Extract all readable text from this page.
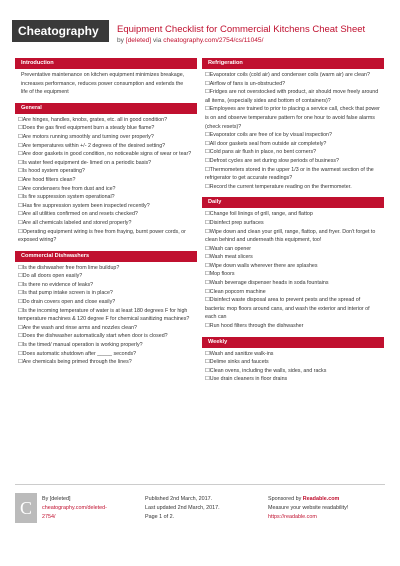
Cheatography	Equipment Checklist for Commercial Kitchens Cheat Sheet
by [deleted] via cheatography.com/2754/cs/11045/
Introduction
Preventative maintenance on kitchen equipment minimizes breakage, increases performance, reduces power consumption and extends the life of the equipment
General
☐Are hinges, handles, knobs, grates, etc. all in good condition?
☐Does the gas fired equipment burn a steady blue flame?
☐Are motors running smoothly and turning over properly?
☐Are temperatures within +/- 2 degrees of the desired setting?
☐Are door gaskets in good condition, no noticeable signs of wear or tear?
☐Is water feed equipment de- limed on a periodic basis?
☐Is hood system operating?
☐Are hood filters clean?
☐Are condensers free from dust and ice?
☐Is fire suppression system operational?
☐Has fire suppression system been inspected recently?
☐Are all utilities confirmed on and resets checked?
☐Are all chemicals labeled and stored properly?
☐Operating equipment wiring is free from fraying, burnt power cords, or exposed wiring?
Commercial Dishwashers
☐Is the dishwasher free from lime buildup?
☐Do all doors open easily?
☐Is there no evidence of leaks?
☐Is that pump intake screen is in place?
☐Do drain covers open and close easily?
☐Is the incoming temperature of water is at least 180 degrees F for high temperature machines & 120 degree F for chemical sanitizing machines?
☐Are the wash and rinse arms and nozzles clean?
☐Does the dishwasher automatically start when door is closed?
☐Is the timed/ manual operation is working properly?
☐Does automatic shutdown after _____ seconds?
☐Are chemicals being primed through the lines?
Refrigeration
☐Evaporator coils (cold air) and condenser coils (warm air) are clean?
☐Airflow of fans is un-obstructed?
☐Fridges are not overstocked with product, air should move freely around all items, (especially sides and bottom of containers)?
☐Employees are trained to prior to placing a service call, check that power is on and observe temperature pattern for one hour to avoid false alarms (check resets)?
☐Evaporator coils are free of ice by visual inspection?
☐All door gaskets seal from outside air completely?
☐Cold pans air flush in place, no bent corners?
☐Defrost cycles are set during slow periods of business?
☐Thermometers stored in the upper 1/3 or in the warmest section of the refrigerator to get accurate readings?
☐Record the current temperature reading on the thermometer.
Daily
☐Change foil linings of grill, range, and flattop
☐Disinfect prep surfaces
☐Wipe down and clean your grill, range, flattop, and fryer. Don't forget to clean behind and underneath this equipment, too!
☐Wash can opener
☐Wash meat slicers
☐Wipe down walls wherever there are splashes
☐Mop floors
☐Wash beverage dispenser heads in soda fountains
☐Clean popcorn machine
☐Disinfect waste disposal area to prevent pests and the spread of bacteria: mop floors around cans, and wash the exterior and interior of each can
☐Run hood filters through the dishwasher
Weekly
☐Wash and sanitize walk-ins
☐Delime sinks and faucets
☐Clean ovens, including the walls, sides, and racks
☐Use drain cleaners in floor drains
C	By [deleted]
cheatography.com/deleted-
2754/
Published 2nd March, 2017.
Last updated 2nd March, 2017.
Page 1 of 2.
Sponsored by Readable.com
Measure your website readability!
https://readable.com
